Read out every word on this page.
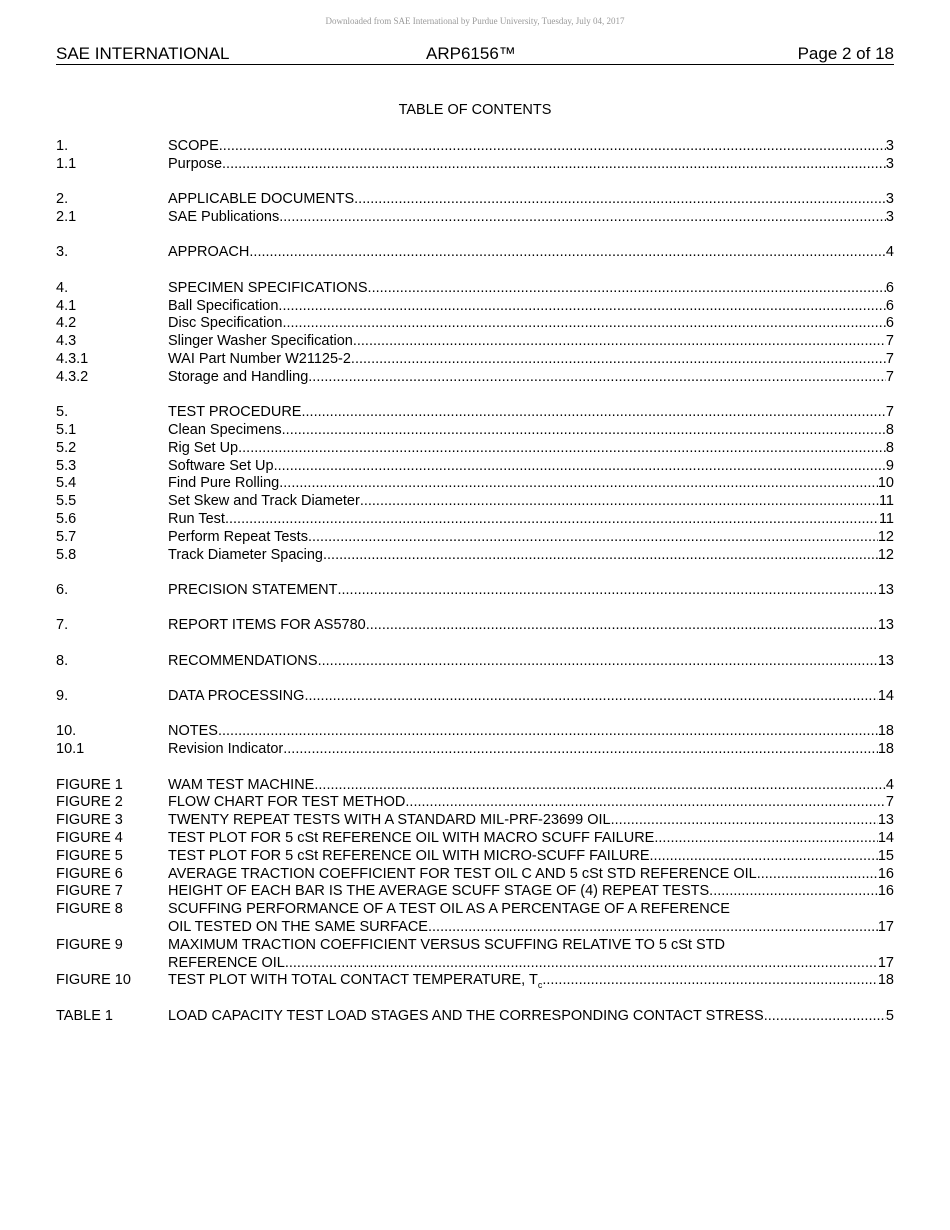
Downloaded from SAE International by Purdue University, Tuesday, July 04, 2017
SAE INTERNATIONAL	ARP6156™	Page 2 of 18
TABLE OF CONTENTS
1.	SCOPE .....	3
1.1	Purpose .....	3
2.	APPLICABLE DOCUMENTS .....	3
2.1	SAE Publications .....	3
3.	APPROACH .....	4
4.	SPECIMEN SPECIFICATIONS .....	6
4.1	Ball Specification .....	6
4.2	Disc Specification .....	6
4.3	Slinger Washer Specification .....	7
4.3.1	WAI Part Number W21125-2 .....	7
4.3.2	Storage and Handling .....	7
5.	TEST PROCEDURE .....	7
5.1	Clean Specimens .....	8
5.2	Rig Set Up .....	8
5.3	Software Set Up .....	9
5.4	Find Pure Rolling .....	10
5.5	Set Skew and Track Diameter .....	11
5.6	Run Test .....	11
5.7	Perform Repeat Tests .....	12
5.8	Track Diameter Spacing .....	12
6.	PRECISION STATEMENT .....	13
7.	REPORT ITEMS FOR AS5780 .....	13
8.	RECOMMENDATIONS .....	13
9.	DATA PROCESSING .....	14
10.	NOTES .....	18
10.1	Revision Indicator .....	18
FIGURE 1	WAM TEST MACHINE .....	4
FIGURE 2	FLOW CHART FOR TEST METHOD .....	7
FIGURE 3	TWENTY REPEAT TESTS WITH A STANDARD MIL-PRF-23699 OIL .....	13
FIGURE 4	TEST PLOT FOR 5 cSt REFERENCE OIL WITH MACRO SCUFF FAILURE .....	14
FIGURE 5	TEST PLOT FOR 5 cSt REFERENCE OIL WITH MICRO-SCUFF FAILURE .....	15
FIGURE 6	AVERAGE TRACTION COEFFICIENT FOR TEST OIL C AND 5 cSt STD REFERENCE OIL .....	16
FIGURE 7	HEIGHT OF EACH BAR IS THE AVERAGE SCUFF STAGE OF (4) REPEAT TESTS .....	16
FIGURE 8	SCUFFING PERFORMANCE OF A TEST OIL AS A PERCENTAGE OF A REFERENCE
OIL TESTED ON THE SAME SURFACE .....	17
FIGURE 9	MAXIMUM TRACTION COEFFICIENT VERSUS SCUFFING RELATIVE TO 5 cSt STD
REFERENCE OIL .....	17
FIGURE 10	TEST PLOT WITH TOTAL CONTACT TEMPERATURE, $T_c$ .....	18
TABLE 1	LOAD CAPACITY TEST LOAD STAGES AND THE CORRESPONDING CONTACT STRESS .....	5
